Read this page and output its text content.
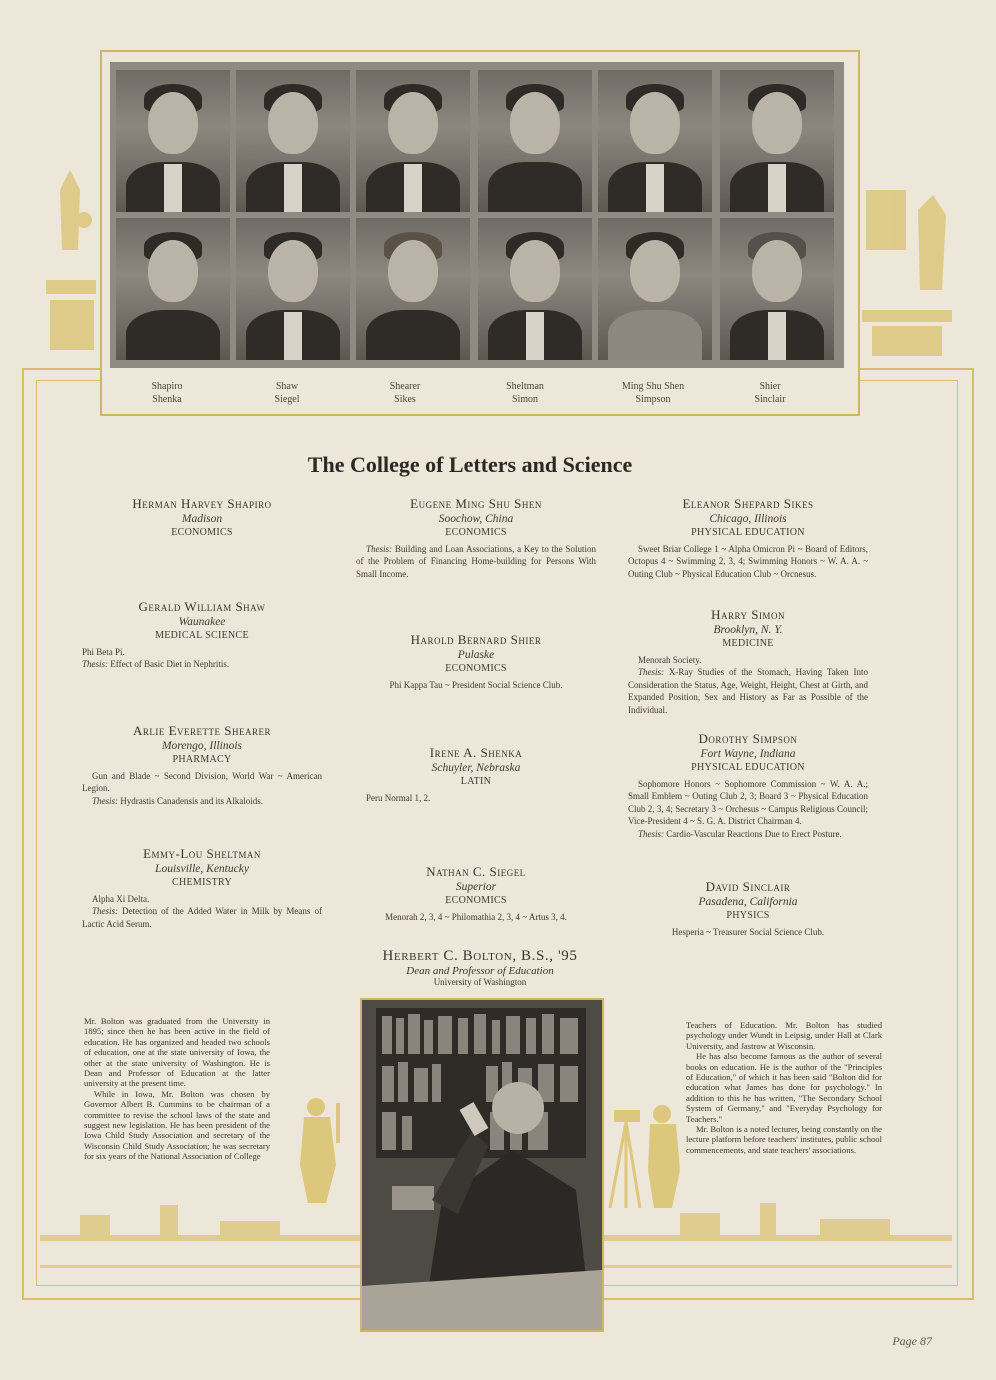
Shapiro
Shenka
Shaw
Siegel
Shearer
Sikes
Sheltman
Simon
Ming Shu Shen
Simpson
Shier
Sinclair
The College of Letters and Science
Herman Harvey Shapiro
Madison
ECONOMICS
Gerald William Shaw
Waunakee
MEDICAL SCIENCE
Phi Beta Pi.
Thesis: Effect of Basic Diet in Nephritis.
Arlie Everette Shearer
Morengo, Illinois
PHARMACY
Gun and Blade ~ Second Division, World War ~ American Legion.
Thesis: Hydrastis Canadensis and its Alkaloids.
Emmy-Lou Sheltman
Louisville, Kentucky
CHEMISTRY
Alpha Xi Delta.
Thesis: Detection of the Added Water in Milk by Means of Lactic Acid Serum.
Eugene Ming Shu Shen
Soochow, China
ECONOMICS
Thesis: Building and Loan Associations, a Key to the Solution of the Problem of Financing Home-building for Persons With Small Income.
Harold Bernard Shier
Pulaske
ECONOMICS
Phi Kappa Tau ~ President Social Science Club.
Irene A. Shenka
Schuyler, Nebraska
LATIN
Peru Normal 1, 2.
Nathan C. Siegel
Superior
ECONOMICS
Menorah 2, 3, 4 ~ Philomathia 2, 3, 4 ~ Artus 3, 4.
Eleanor Shepard Sikes
Chicago, Illinois
PHYSICAL EDUCATION
Sweet Briar College 1 ~ Alpha Omicron Pi ~ Board of Editors, Octopus 4 ~ Swimming 2, 3, 4; Swimming Honors ~ W. A. A. ~ Outing Club ~ Physical Education Club ~ Orcnesus.
Harry Simon
Brooklyn, N. Y.
MEDICINE
Menorah Society.
Thesis: X-Ray Studies of the Stomach, Having Taken Into Consideration the Status, Age, Weight, Height, Chest at Girth, and Expanded Position, Sex and History as Far as Possible of the Individual.
Dorothy Simpson
Fort Wayne, Indiana
PHYSICAL EDUCATION
Sophomore Honors ~ Sophomore Commission ~ W. A. A.; Small Emblem ~ Outing Club 2, 3; Board 3 ~ Physical Education Club 2, 3, 4; Secretary 3 ~ Orchesus ~ Campus Religious Council; Vice-President 4 ~ S. G. A. District Chairman 4.
Thesis: Cardio-Vascular Reactions Due to Erect Posture.
David Sinclair
Pasadena, California
PHYSICS
Hesperia ~ Treasurer Social Science Club.
Herbert C. Bolton, B.S., '95
Dean and Professor of Education
University of Washington
Mr. Bolton was graduated from the University in 1895; since then he has been active in the field of education. He has organized and headed two schools of education, one at the state university of Iowa, the other at the state university of Washington. He is Dean and Professor of Education at the latter university at the present time.
While in Iowa, Mr. Bolton was chosen by Governor Albert B. Cummins to be chairman of a committee to revise the school laws of the state and suggest new legislation. He has been president of the Iowa Child Study Association and secretary of the Wisconsin Child Study Association; he was secretary for six years of the National Association of College
Teachers of Education. Mr. Bolton has studied psychology under Wundt in Leipsig, under Hall at Clark University, and Jastrow at Wisconsin.
He has also become famous as the author of several books on education. He is the author of the "Principles of Education," of which it has been said "Bolton did for education what James has done for psychology." In addition to this he has written, "The Secondary School System of Germany," and "Everyday Psychology for Teachers."
Mr. Bolton is a noted lecturer, being constantly on the lecture platform before teachers' institutes, public school commencements, and state teachers' associations.
Page 87
